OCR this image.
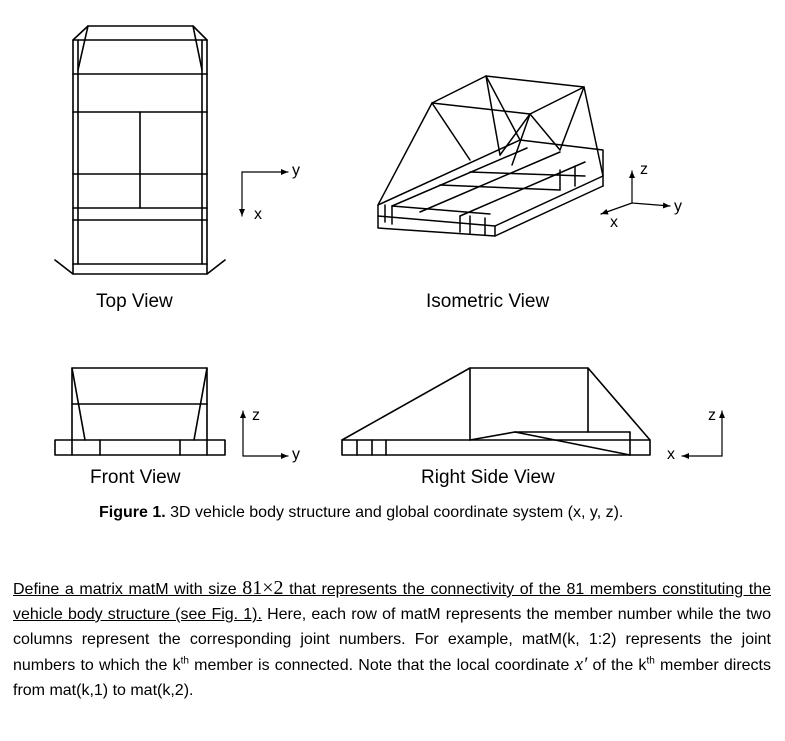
y
x
z
y
x
z
y
z
x
Top View	Isometric View
Front View	Right Side View
Figure 1. 3D vehicle body structure and global coordinate system (x, y, z).
Define a matrix matM with size 81×2 that represents the connectivity of the 81 members constituting the vehicle body structure (see Fig. 1). Here, each row of matM represents the member number while the two columns represent the corresponding joint numbers. For example, matM(k, 1:2) represents the joint numbers to which the $k^{th}$ member is connected. Note that the local coordinate x′ of the $k^{th}$ member directs from mat(k,1) to mat(k,2).
